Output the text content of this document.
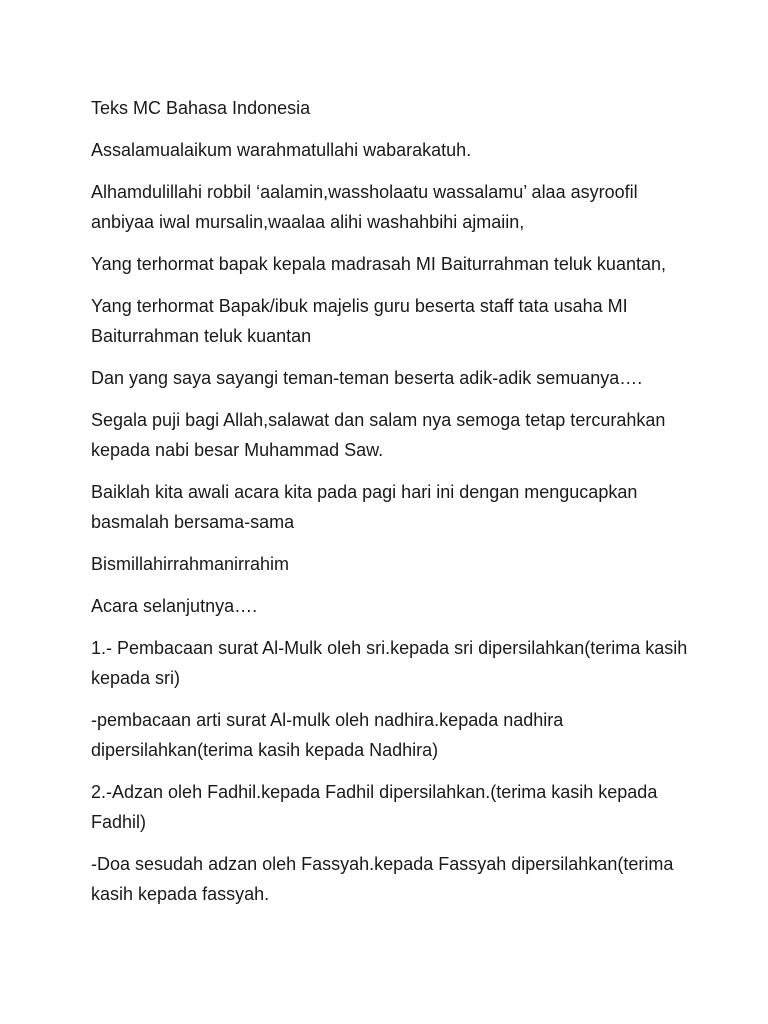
Teks MC Bahasa Indonesia

Assalamualaikum warahmatullahi wabarakatuh.

Alhamdulillahi robbil ‘aalamin,wassholaatu wassalamu’ alaa asyroofil anbiyaa iwal mursalin,waalaa alihi washahbihi ajmaiin,

Yang terhormat bapak kepala madrasah MI Baiturrahman teluk kuantan,

Yang terhormat Bapak/ibuk majelis guru beserta staff tata usaha MI Baiturrahman teluk kuantan

Dan yang saya sayangi teman-teman beserta adik-adik semuanya….

Segala puji bagi Allah,salawat dan salam nya semoga tetap tercurahkan kepada nabi besar Muhammad Saw.

Baiklah kita awali acara kita pada pagi hari ini dengan mengucapkan basmalah bersama-sama

Bismillahirrahmanirrahim

Acara selanjutnya….

1.- Pembacaan surat Al-Mulk oleh sri.kepada sri dipersilahkan(terima kasih kepada sri)

-pembacaan arti surat Al-mulk oleh nadhira.kepada nadhira dipersilahkan(terima kasih kepada Nadhira)

2.-Adzan oleh Fadhil.kepada Fadhil dipersilahkan.(terima kasih kepada Fadhil)

-Doa sesudah adzan oleh Fassyah.kepada Fassyah dipersilahkan(terima kasih kepada fassyah.
